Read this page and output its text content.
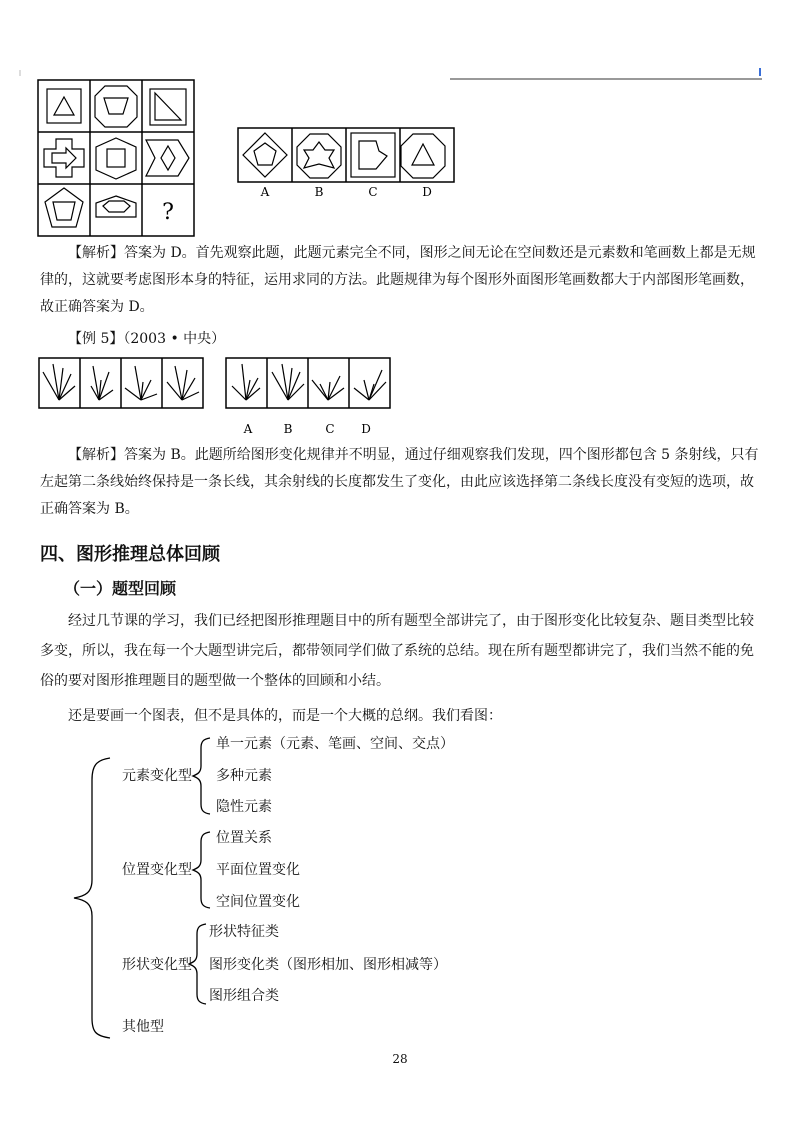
?
A	B	C	D
【解析】答案为 D。首先观察此题，此题元素完全不同，图形之间无论在空间数还是元素数和笔画数上都是无规律的，这就要考虑图形本身的特征，运用求同的方法。此题规律为每个图形外面图形笔画数都大于内部图形笔画数，故正确答案为 D。
【例 5】（2003 • 中央）
A	B	C D
【解析】答案为 B。此题所给图形变化规律并不明显，通过仔细观察我们发现，四个图形都包含 5 条射线，只有左起第二条线始终保持是一条长线，其余射线的长度都发生了变化，由此应该选择第二条线长度没有变短的选项，故正确答案为 B。
四、图形推理总体回顾
（一）题型回顾
经过几节课的学习，我们已经把图形推理题目中的所有题型全部讲完了，由于图形变化比较复杂、题目类型比较多变，所以，我在每一个大题型讲完后，都带领同学们做了系统的总结。现在所有题型都讲完了，我们当然不能的免俗的要对图形推理题目的题型做一个整体的回顾和小结。
还是要画一个图表，但不是具体的，而是一个大概的总纲。我们看图：
元素变化型
位置变化型
形状变化型
其他型
单一元素（元素、笔画、空间、交点）
多种元素
隐性元素
位置关系
平面位置变化
空间位置变化
形状特征类
图形变化类（图形相加、图形相减等）
图形组合类
28
